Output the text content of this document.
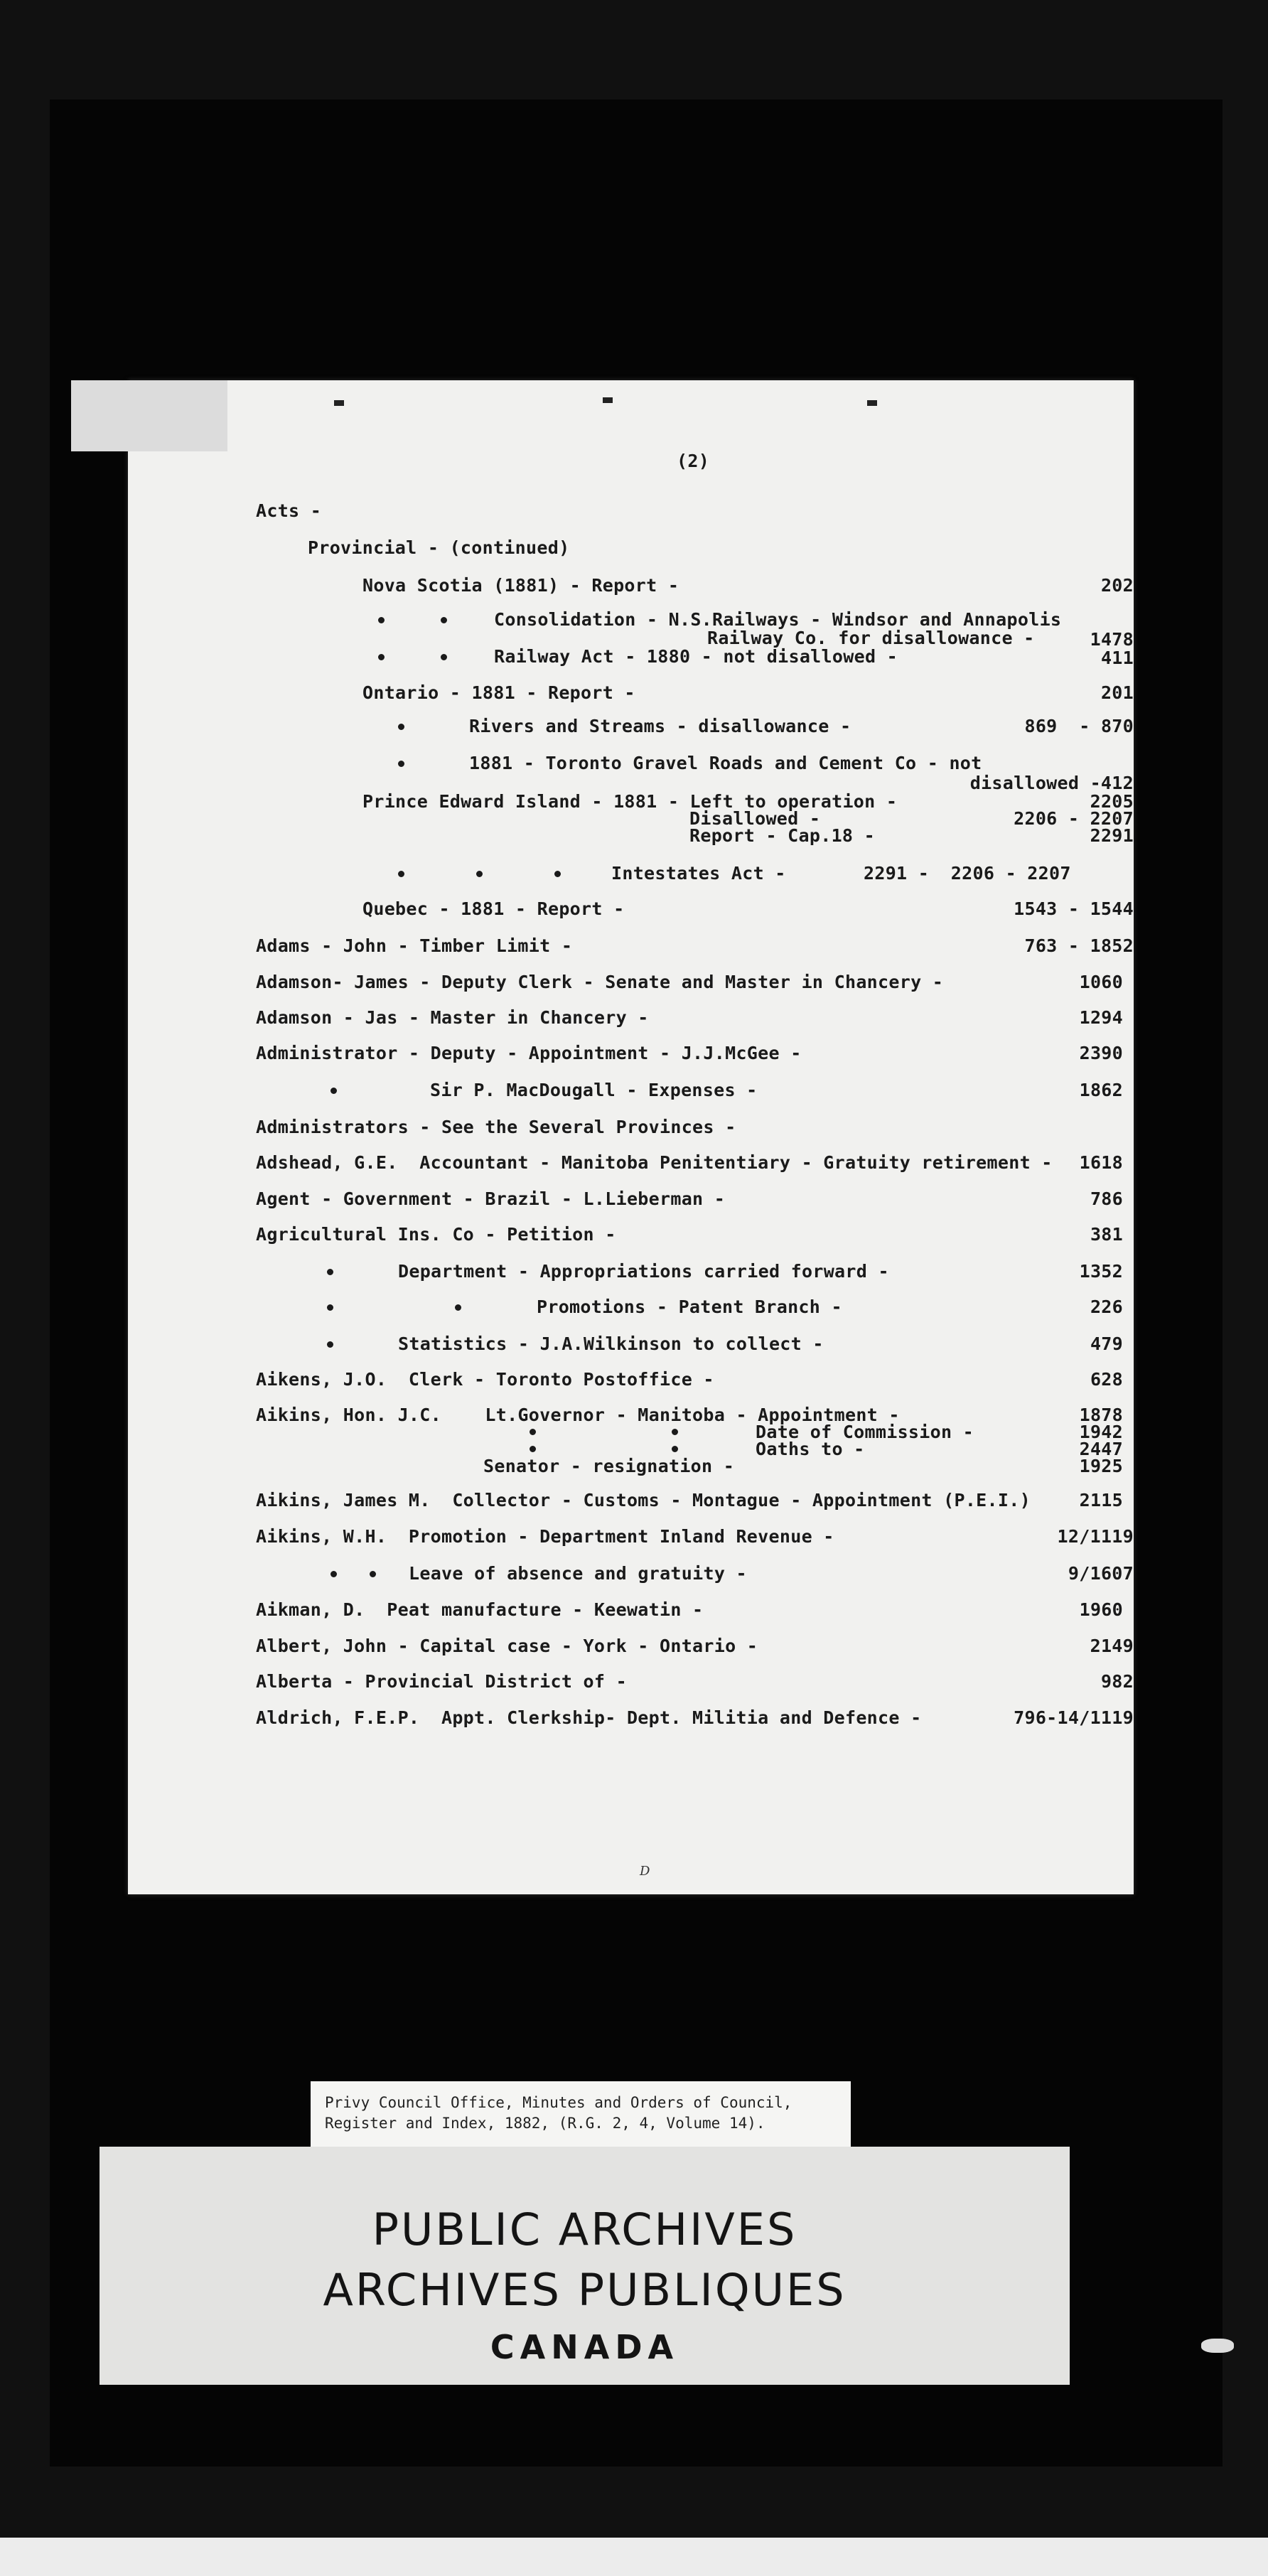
(2)
Acts -
Provincial - (continued)
Nova Scotia (1881) - Report -	202
Consolidation - N.S.Railways - Windsor and Annapolis
Railway Co. for disallowance -	1478
Railway Act - 1880 - not disallowed -	411
Ontario - 1881 - Report -	201
Rivers and Streams - disallowance -	869  - 870
1881 - Toronto Gravel Roads and Cement Co - not
disallowed -412
Prince Edward Island - 1881 - Left to operation -	2205
Disallowed -	2206 - 2207
Report - Cap.18 -	2291
Intestates Act -	2291 -  2206 - 2207
Quebec - 1881 - Report -	1543 - 1544
Adams - John - Timber Limit -	763 - 1852
Adamson- James - Deputy Clerk - Senate and Master in Chancery -	1060
Adamson - Jas - Master in Chancery -	1294
Administrator - Deputy - Appointment - J.J.McGee -	2390
Sir P. MacDougall - Expenses -	1862
Administrators - See the Several Provinces -
Adshead, G.E.  Accountant - Manitoba Penitentiary - Gratuity retirement - 1618
Agent - Government - Brazil - L.Lieberman -	786
Agricultural Ins. Co - Petition -	381
Department - Appropriations carried forward -	1352
Promotions - Patent Branch -	226
Statistics - J.A.Wilkinson to collect -	479
Aikens, J.O.  Clerk - Toronto Postoffice -	628
Aikins, Hon. J.C.    Lt.Governor - Manitoba - Appointment -	1878
Date of Commission -	1942
Oaths to -	2447
Senator - resignation -	1925
Aikins, James M.  Collector - Customs - Montague - Appointment (P.E.I.)	2115
Aikins, W.H.  Promotion - Department Inland Revenue -	12/1119
Leave of absence and gratuity -	9/1607
Aikman, D.  Peat manufacture - Keewatin -	1960
Albert, John - Capital case - York - Ontario -	2149
Alberta - Provincial District of -	982
Aldrich, F.E.P.  Appt. Clerkship- Dept. Militia and Defence -	796-14/1119
D
Privy Council Office, Minutes and Orders of Council,
Register and Index, 1882, (R.G. 2, 4, Volume 14).
PUBLIC ARCHIVES
ARCHIVES PUBLIQUES
CANADA
